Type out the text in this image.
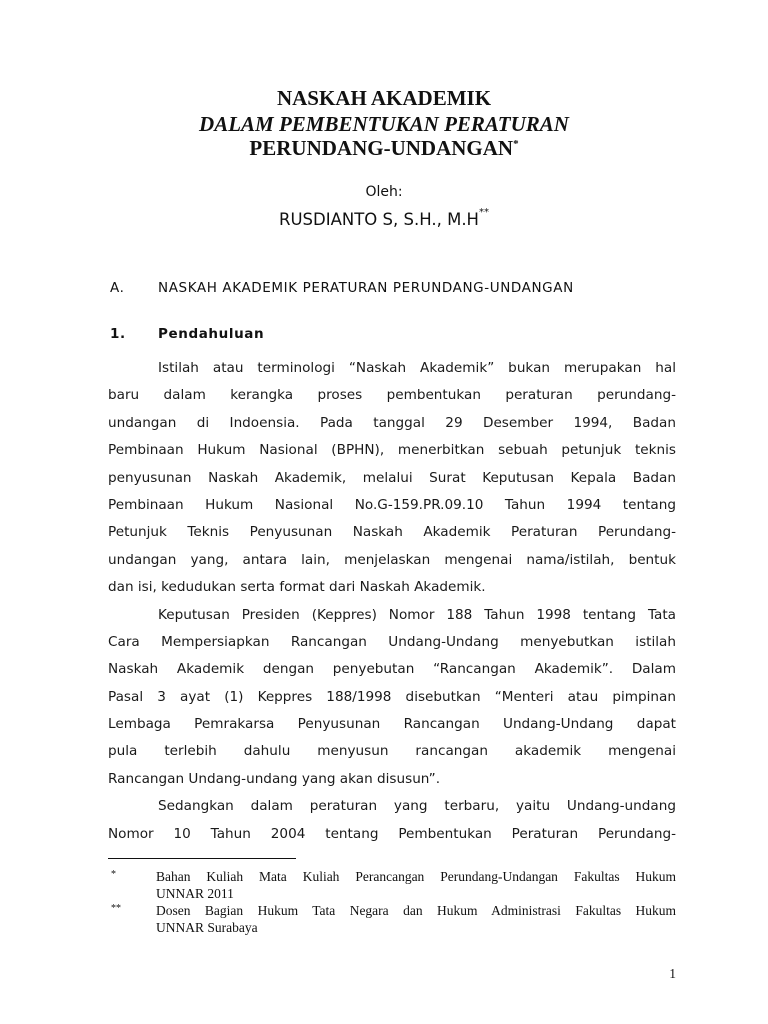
NASKAH AKADEMIK
DALAM PEMBENTUKAN PERATURAN
PERUNDANG-UNDANGAN*
Oleh:
RUSDIANTO S, S.H., M.H**
A. NASKAH AKADEMIK PERATURAN PERUNDANG-UNDANGAN
1. Pendahuluan
Istilah atau terminologi “Naskah Akademik” bukan merupakan hal
baru dalam kerangka proses pembentukan peraturan perundang-
undangan di Indoensia. Pada tanggal 29 Desember 1994, Badan
Pembinaan Hukum Nasional (BPHN), menerbitkan sebuah petunjuk teknis
penyusunan Naskah Akademik, melalui Surat Keputusan Kepala Badan
Pembinaan Hukum Nasional No.G-159.PR.09.10 Tahun 1994 tentang
Petunjuk Teknis Penyusunan Naskah Akademik Peraturan Perundang-
undangan yang, antara lain, menjelaskan mengenai nama/istilah, bentuk
dan isi, kedudukan serta format dari Naskah Akademik.
Keputusan Presiden (Keppres) Nomor 188 Tahun 1998 tentang Tata
Cara Mempersiapkan Rancangan Undang-Undang menyebutkan istilah
Naskah Akademik dengan penyebutan “Rancangan Akademik”. Dalam
Pasal 3 ayat (1) Keppres 188/1998 disebutkan “Menteri atau pimpinan
Lembaga Pemrakarsa Penyusunan Rancangan Undang-Undang dapat
pula terlebih dahulu menyusun rancangan akademik mengenai
Rancangan Undang-undang yang akan disusun”.
Sedangkan dalam peraturan yang terbaru, yaitu Undang-undang
Nomor 10 Tahun 2004 tentang Pembentukan Peraturan Perundang-
*	Bahan Kuliah Mata Kuliah Perancangan Perundang-Undangan Fakultas Hukum
UNNAR 2011
**	Dosen Bagian Hukum Tata Negara dan Hukum Administrasi Fakultas Hukum
UNNAR Surabaya
1
